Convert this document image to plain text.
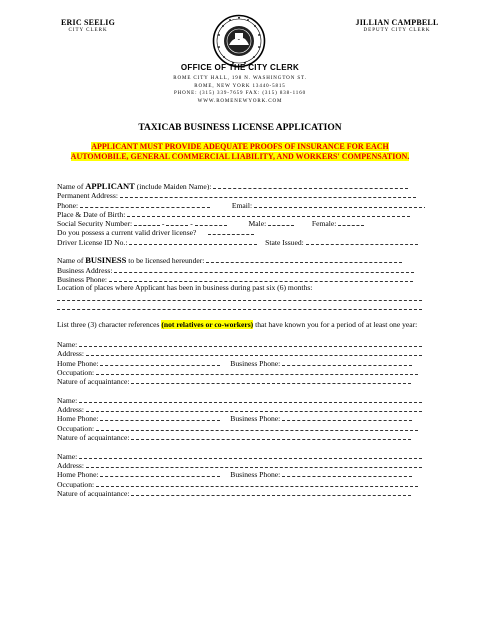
ERIC SEELIG
CITY CLERK
JILLIAN CAMPBELL
DEPUTY CITY CLERK
OFFICE OF THE CITY CLERK
ROME CITY HALL, 198 N. WASHINGTON ST.
ROME, NEW YORK 13440-5815
PHONE: (315) 339-7659 FAX: (315) 838-1160
WWW.ROMENEWYORK.COM
TAXICAB BUSINESS LICENSE APPLICATION
APPLICANT MUST PROVIDE ADEQUATE PROOFS OF INSURANCE FOR EACH AUTOMOBILE, GENERAL COMMERCIAL LIABILITY, AND WORKERS' COMPENSATION.
Name of APPLICANT (include Maiden Name):
Permanent Address:
Phone:	Email:
Place & Date of Birth:
Social Security Number:	-	-	Male:	Female:
Do you possess a current valid driver license?
Driver License ID No.:	State Issued:
Name of BUSINESS to be licensed hereunder:
Business Address:
Business Phone:
Location of places where Applicant has been in business during past six (6) months:
List three (3) character references (not relatives or co-workers) that have known you for a period of at least one year:
Name:
Address:
Home Phone:	Business Phone:
Occupation:
Nature of acquaintance:
Name:
Address:
Home Phone:	Business Phone:
Occupation:
Nature of acquaintance:
Name:
Address:
Home Phone:	Business Phone:
Occupation:
Nature of acquaintance:
